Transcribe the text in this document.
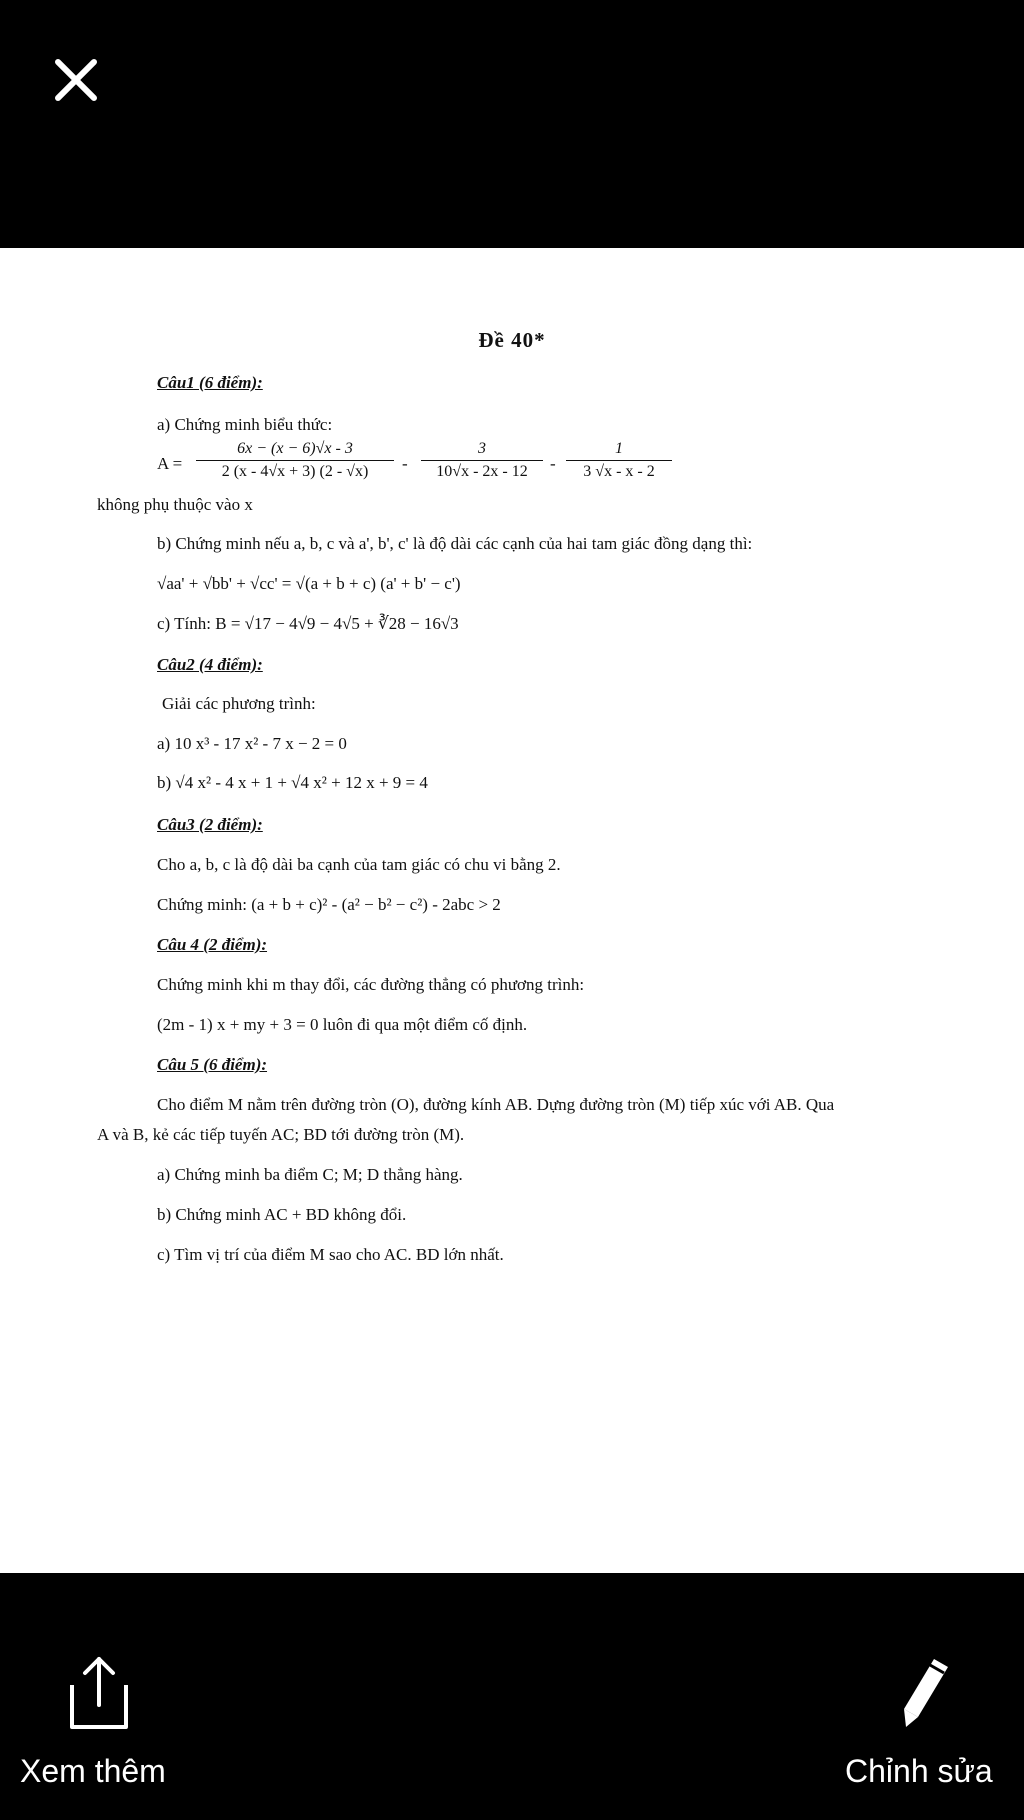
Đề 40*
Câu1 (6 điểm):
a) Chứng minh biểu thức:
$A = \frac{6x - (x - 6)√x - 3}{2 (x - 4√x + 3) (2 - √x)} - \frac{3}{10√x - 2x - 12} - \frac{1}{3 √x - x - 2}$
không phụ thuộc vào x
b) Chứng minh nếu a, b, c và a', b', c' là độ dài các cạnh của hai tam giác đồng dạng thì:
√aa' + √bb' + √cc' = √(a + b + c) (a' + b' − c')
c) Tính: B = √17 − 4√9 − 4√5 + ∛28 − 16√3
Câu2 (4 điểm):
Giải các phương trình:
a) 10 x³ - 17 x² - 7 x − 2 = 0
b) √4 x² - 4 x + 1 + √4 x² + 12 x + 9 = 4
Câu3 (2 điểm):
Cho a, b, c là độ dài ba cạnh của tam giác có chu vi bằng 2.
Chứng minh: (a + b + c)² - (a² − b² − c²) - 2abc > 2
Câu 4 (2 điểm):
Chứng minh khi m thay đổi, các đường thẳng có phương trình:
(2m - 1) x + my + 3 = 0 luôn đi qua một điểm cố định.
Câu 5 (6 điểm):
Cho điểm M nằm trên đường tròn (O), đường kính AB. Dựng đường tròn (M) tiếp xúc với AB. Qua
A và B, kẻ các tiếp tuyến AC; BD tới đường tròn (M).
a) Chứng minh ba điểm C; M; D thẳng hàng.
b) Chứng minh AC + BD không đổi.
c) Tìm vị trí của điểm M sao cho AC. BD lớn nhất.
Xem thêm	Chỉnh sửa
